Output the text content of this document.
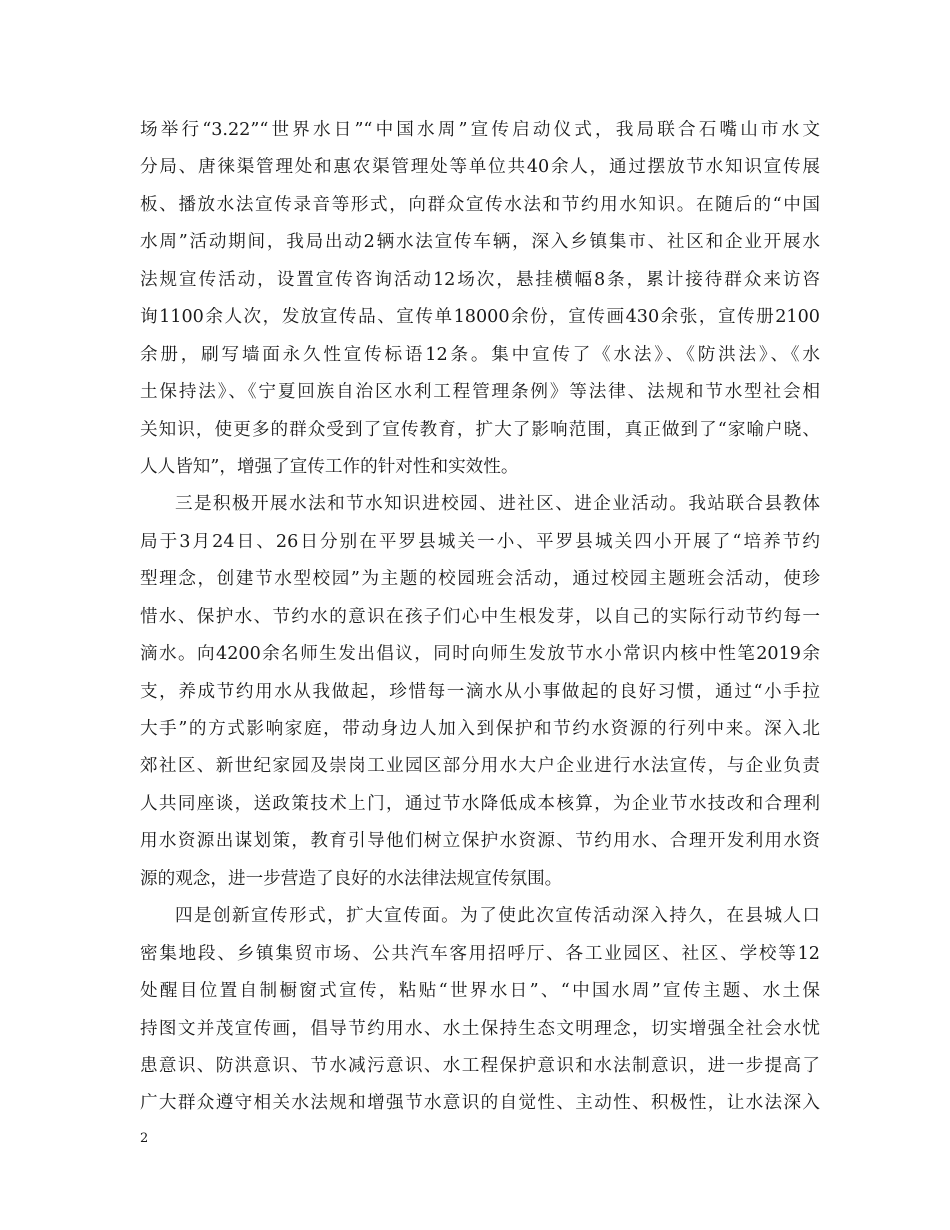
场举行“3.22”“世界水日”“中国水周”宣传启动仪式，我局联合石嘴山市水文
分局、唐徕渠管理处和惠农渠管理处等单位共40余人，通过摆放节水知识宣传展
板、播放水法宣传录音等形式，向群众宣传水法和节约用水知识。在随后的“中国
水周”活动期间，我局出动2辆水法宣传车辆，深入乡镇集市、社区和企业开展水
法规宣传活动，设置宣传咨询活动12场次，悬挂横幅8条，累计接待群众来访咨
询1100余人次，发放宣传品、宣传单18000余份，宣传画430余张，宣传册2100
余册，刷写墙面永久性宣传标语12条。集中宣传了《水法》、《防洪法》、《水
土保持法》、《宁夏回族自治区水利工程管理条例》等法律、法规和节水型社会相
关知识，使更多的群众受到了宣传教育，扩大了影响范围，真正做到了“家喻户晓、
人人皆知”，增强了宣传工作的针对性和实效性。
三是积极开展水法和节水知识进校园、进社区、进企业活动。我站联合县教体
局于3月24日、26日分别在平罗县城关一小、平罗县城关四小开展了“培养节约
型理念，创建节水型校园”为主题的校园班会活动，通过校园主题班会活动，使珍
惜水、保护水、节约水的意识在孩子们心中生根发芽，以自己的实际行动节约每一
滴水。向4200余名师生发出倡议，同时向师生发放节水小常识内核中性笔2019余
支，养成节约用水从我做起，珍惜每一滴水从小事做起的良好习惯，通过“小手拉
大手”的方式影响家庭，带动身边人加入到保护和节约水资源的行列中来。深入北
郊社区、新世纪家园及崇岗工业园区部分用水大户企业进行水法宣传，与企业负责
人共同座谈，送政策技术上门，通过节水降低成本核算，为企业节水技改和合理利
用水资源出谋划策，教育引导他们树立保护水资源、节约用水、合理开发利用水资
源的观念，进一步营造了良好的水法律法规宣传氛围。
四是创新宣传形式，扩大宣传面。为了使此次宣传活动深入持久，在县城人口
密集地段、乡镇集贸市场、公共汽车客用招呼厅、各工业园区、社区、学校等12
处醒目位置自制橱窗式宣传，粘贴“世界水日”、“中国水周”宣传主题、水土保
持图文并茂宣传画，倡导节约用水、水土保持生态文明理念，切实增强全社会水忧
患意识、防洪意识、节水减污意识、水工程保护意识和水法制意识，进一步提高了
广大群众遵守相关水法规和增强节水意识的自觉性、主动性、积极性，让水法深入
2
